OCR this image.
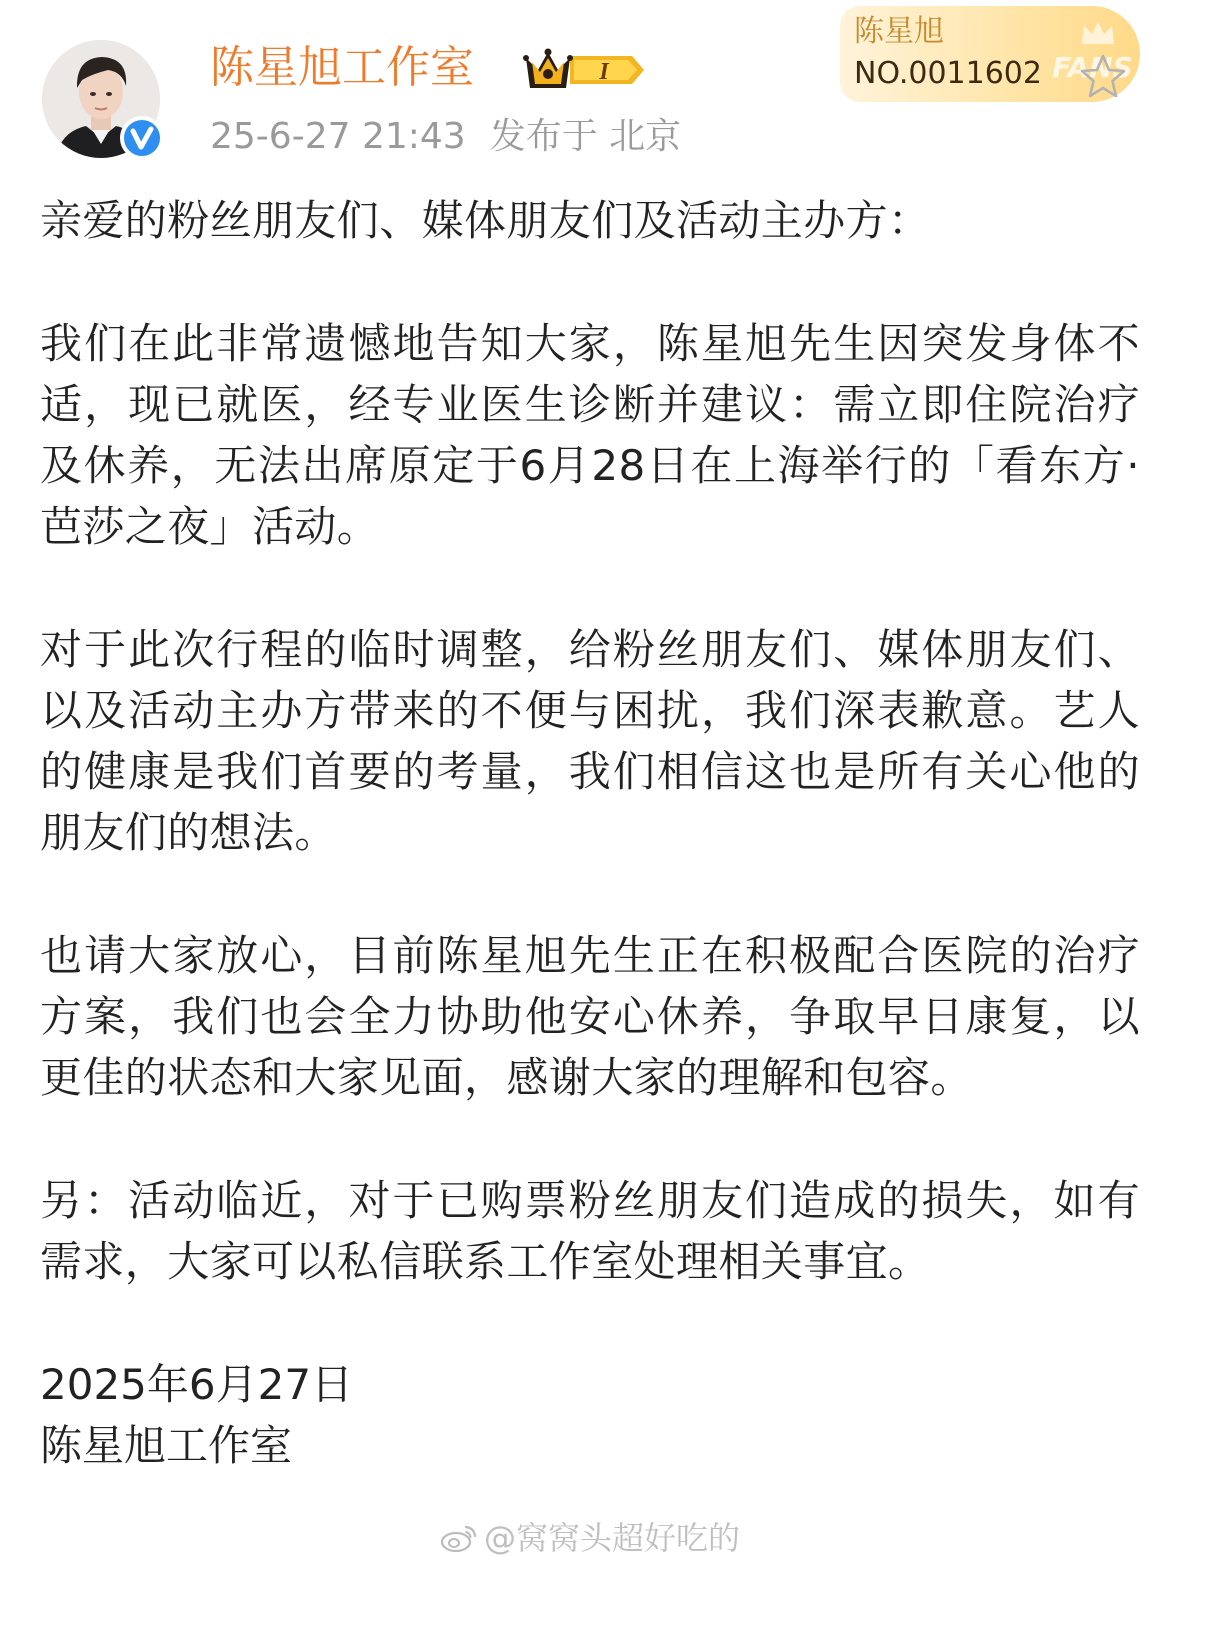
陈星旭工作室	I
25-6-27 21:43 发布于 北京
陈星旭
NO.0011602 FANS

亲爱的粉丝朋友们、媒体朋友们及活动主办方：

我们在此非常遗憾地告知大家，陈星旭先生因突发身体不适，现已就医，经专业医生诊断并建议：需立即住院治疗及休养，无法出席原定于6月28日在上海举行的「看东方·芭莎之夜」活动。

对于此次行程的临时调整，给粉丝朋友们、媒体朋友们、以及活动主办方带来的不便与困扰，我们深表歉意。艺人的健康是我们首要的考量，我们相信这也是所有关心他的朋友们的想法。

也请大家放心，目前陈星旭先生正在积极配合医院的治疗方案，我们也会全力协助他安心休养，争取早日康复，以更佳的状态和大家见面，感谢大家的理解和包容。

另：活动临近，对于已购票粉丝朋友们造成的损失，如有需求，大家可以私信联系工作室处理相关事宜。

2025年6月27日
陈星旭工作室
@窝窝头超好吃的
